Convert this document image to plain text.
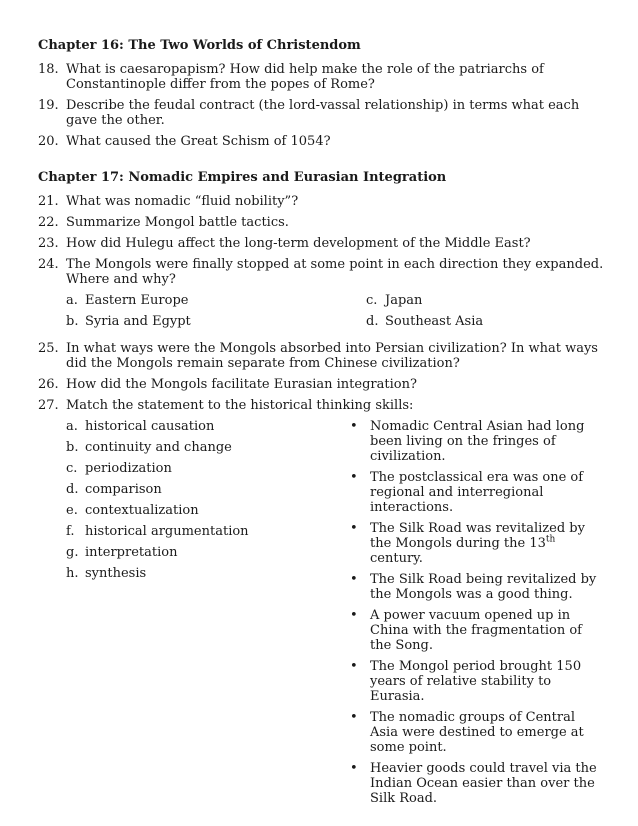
Chapter 16: The Two Worlds of Christendom
18. What is caesaropapism? How did help make the role of the patriarchs of Constantinople differ from the popes of Rome?
19. Describe the feudal contract (the lord-vassal relationship) in terms what each gave the other.
20. What caused the Great Schism of 1054?
Chapter 17: Nomadic Empires and Eurasian Integration
21. What was nomadic “fluid nobility”?
22. Summarize Mongol battle tactics.
23. How did Hulegu affect the long-term development of the Middle East?
24. The Mongols were finally stopped at some point in each direction they expanded. Where and why?
a. Eastern Europe
b. Syria and Egypt
c. Japan
d. Southeast Asia
25. In what ways were the Mongols absorbed into Persian civilization? In what ways did the Mongols remain separate from Chinese civilization?
26. How did the Mongols facilitate Eurasian integration?
27. Match the statement to the historical thinking skills:
a. historical causation
b. continuity and change
c. periodization
d. comparison
e. contextualization
f. historical argumentation
g. interpretation
h. synthesis
• Nomadic Central Asian had long been living on the fringes of civilization.
• The postclassical era was one of regional and interregional interactions.
• The Silk Road was revitalized by the Mongols during the 13th century.
• The Silk Road being revitalized by the Mongols was a good thing.
• A power vacuum opened up in China with the fragmentation of the Song.
• The Mongol period brought 150 years of relative stability to Eurasia.
• The nomadic groups of Central Asia were destined to emerge at some point.
• Heavier goods could travel via the Indian Ocean easier than over the Silk Road.
